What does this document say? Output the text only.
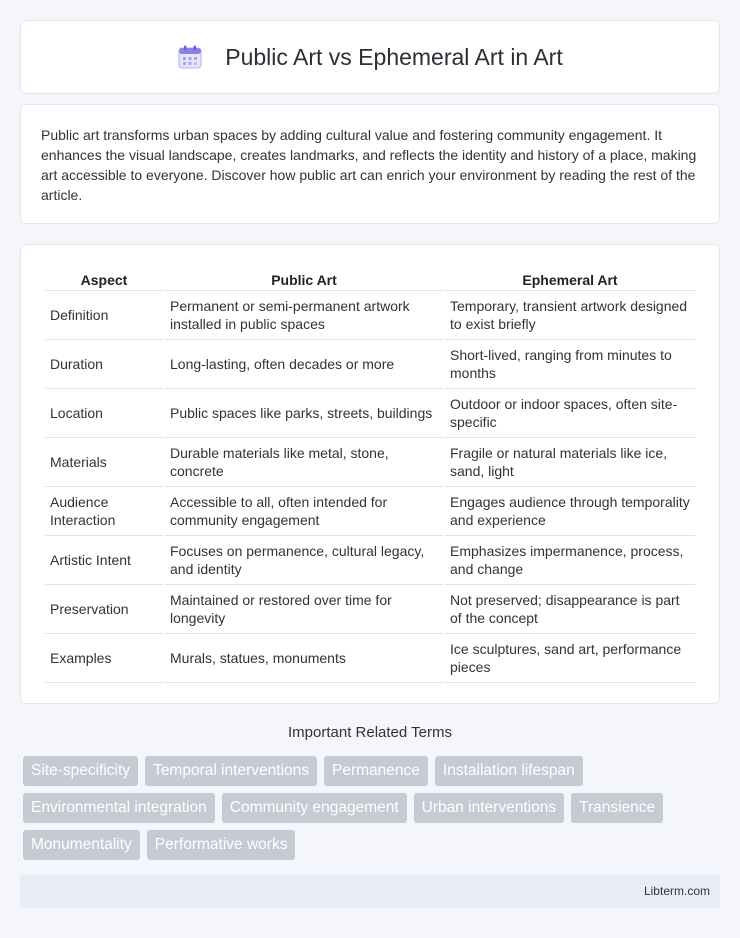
Public Art vs Ephemeral Art in Art

Public art transforms urban spaces by adding cultural value and fostering community engagement. It enhances the visual landscape, creates landmarks, and reflects the identity and history of a place, making art accessible to everyone. Discover how public art can enrich your environment by reading the rest of the article.

Aspect	Public Art	Ephemeral Art
Definition	Permanent or semi-permanent artwork installed in public spaces	Temporary, transient artwork designed to exist briefly
Duration	Long-lasting, often decades or more	Short-lived, ranging from minutes to months
Location	Public spaces like parks, streets, buildings	Outdoor or indoor spaces, often site-specific
Materials	Durable materials like metal, stone, concrete	Fragile or natural materials like ice, sand, light
Audience Interaction	Accessible to all, often intended for community engagement	Engages audience through temporality and experience
Artistic Intent	Focuses on permanence, cultural legacy, and identity	Emphasizes impermanence, process, and change
Preservation	Maintained or restored over time for longevity	Not preserved; disappearance is part of the concept
Examples	Murals, statues, monuments	Ice sculptures, sand art, performance pieces
Important Related Terms
Site-specificity	Temporal interventions	Permanence	Installation lifespan
Environmental integration	Community engagement	Urban interventions	Transience
Monumentality	Performative works
Libterm.com
